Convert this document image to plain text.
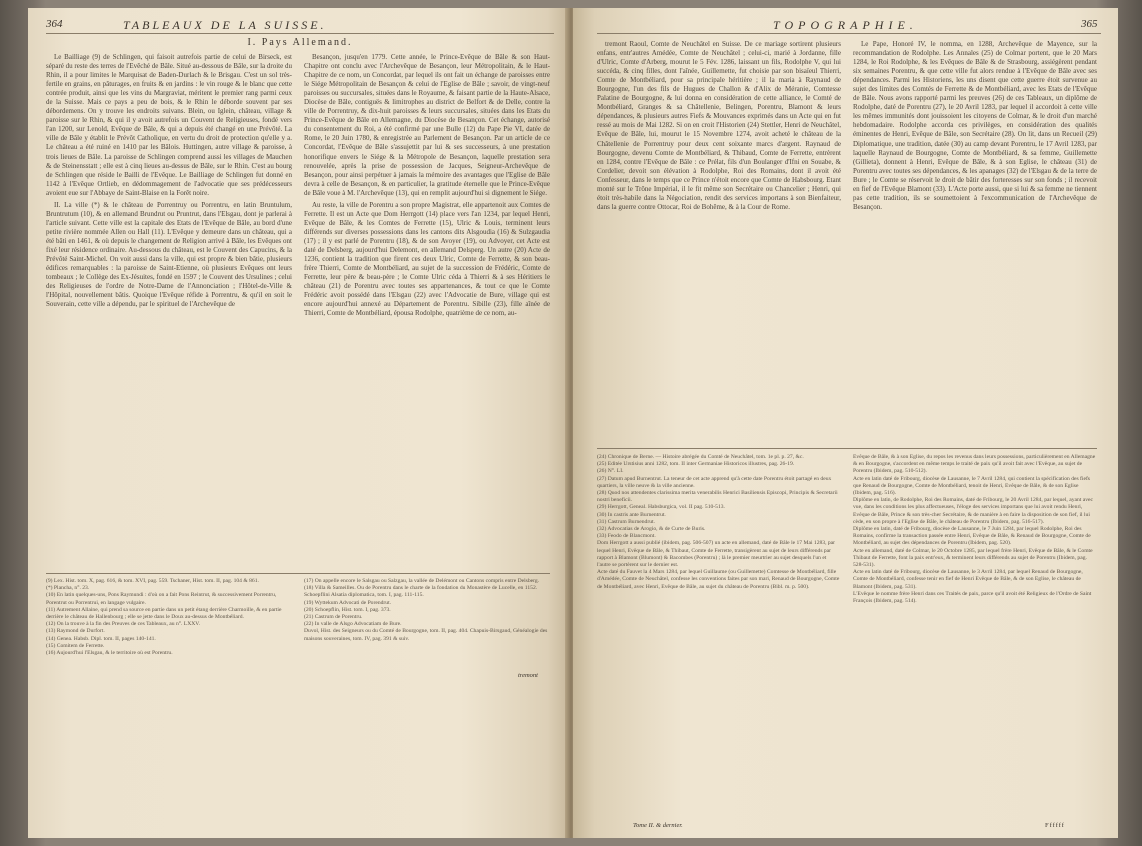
364	TABLEAUX DE LA SUISSE.
I. Pays Allemand.

Le Bailliage (9) de Schlingen, qui faisoit autrefois partie de celui de Birseck, est séparé du reste des terres de l'Evêché de Bâle. Situé au-dessous de Bâle, sur la droite du Rhin, il a pour limites le Marquisat de Baden-Durlach & le Brisgau. C'est un sol très-fertile en grains, en pâturages, en fruits & en jardins : le vin rouge & le blanc que cette contrée produit, ainsi que les vins du Margraviat, méritent le premier rang parmi ceux de la Suisse. Mais ce pays a peu de bois, & le Rhin le déborde souvent par ses débordemens. On y trouve les endroits suivans. Blein, ou Iglein, château, village & paroisse sur le Rhin, & qui il y avoit autrefois un Couvent de Religieuses, fondé vers l'an 1200, sur Lenold, Evêque de Bâle, & qui a depuis été changé en une Prévôté. La ville de Bâle y établit le Prévôt Catholique, en vertu du droit de protection qu'elle y a. Le château a été ruiné en 1410 par les Bâlois. Huttingen, autre village & paroisse, à trois lieues de Bâle. La paroisse de Schlingen comprend aussi les villages de Mauchen & de Steinensstatt ; elle est à cinq lieues au-dessus de Bâle, sur le Rhin. C'est au bourg de Schlingen que réside le Bailli de l'Evêque. Le Bailliage de Schlingen fut donné en 1142 à l'Evêque Ortlieb, en dédommagement de l'advocatie que ses prédécesseurs avoient eue sur l'Abbaye de Saint-Blaise en la Forêt noire.

II. La ville (*) & le château de Porrentruy ou Porrentru, en latin Bruntulum, Bruntrutum (10), & en allemand Brundrut ou Pruntrut, dans l'Elsgau, dont je parlerai à l'article suivant. Cette ville est la capitale des Etats de l'Evêque de Bâle, au bord d'une petite rivière nommée Allen ou Hall (11). L'Evêque y demeure dans un château, qui a été bâti en 1461, & où depuis le changement de Religion arrivé à Bâle, les Evêques ont fixé leur résidence ordinaire. Au-dessous du château, est le Couvent des Capucins, & la Prévôté Saint-Michel. On voit aussi dans la ville, qui est propre & bien bâtie, plusieurs édifices remarquables : la paroisse de Saint-Etienne, où plusieurs Evêques ont leurs tombeaux ; le Collège des Ex-Jésuites, fondé en 1597 ; le Couvent des Ursulines ; celui des Religieuses de l'ordre de Notre-Dame de l'Annonciation ; l'Hôtel-de-Ville & l'Hôpital, nouvellement bâtis. Quoique l'Evêque réfide à Porrentru, & qu'il en soit le Souverain, cette ville a dépendu, par le spirituel de l'Archevêque de

Besançon, jusqu'en 1779. Cette année, le Prince-Evêque de Bâle & son Haut-Chapitre ont conclu avec l'Archevêque de Besançon, leur Métropolitain, & le Haut-Chapitre de ce nom, un Concordat, par lequel ils ont fait un échange de paroisses entre le Siége Métropolitain de Besançon & celui de l'Eglise de Bâle ; savoir, de vingt-neuf paroisses ou succursales, situées dans le Royaume, & faisant partie de la Haute-Alsace, Diocèse de Bâle, contiguës & limitrophes au district de Belfort & de Delle, contre la ville de Porrentruy, & dix-huit paroisses & leurs succursales, situées dans les Etats du Prince-Evêque de Bâle en Allemagne, du Diocèse de Besançon. Cet échange, autorisé du consentement du Roi, a été confirmé par une Bulle (12) du Pape Pie VI, datée de Rome, le 20 Juin 1780, & enregistrée au Parlement de Besançon. Par un article de ce Concordat, l'Evêque de Bâle s'assujettit par lui & ses successeurs, à une prestation honorifique envers le Siége & la Métropole de Besançon, laquelle prestation sera renouvelée, après la prise de possession de Jacques, Seigneur-Archevêque de Besançon, pour ainsi perpétuer à jamais la mémoire des avantages que l'Eglise de Bâle devra à celle de Besançon, & en particulier, la gratitude éternelle que le Prince-Evêque de Bâle voue à M. l'Archevêque (13), qui en remplit aujourd'hui si dignement le Siége.

Au reste, la ville de Porentru a son propre Magistrat, elle appartenoit aux Comtes de Ferrette. Il est un Acte que Dom Herrgott (14) place vers l'an 1234, par lequel Henri, Evêque de Bâle, & les Comtes de Ferrette (15), Ulric & Louis, terminent leurs différends sur diverses possessions dans les cantons dits Alsgoudia (16) & Sulzgaudia (17) ; il y est parlé de Porentru (18), & de son Avoyer (19), ou Advoyer, cet Acte est daté de Delsberg, aujourd'hui Delemont, en allemand Delsperg. Un autre (20) Acte de 1236, contient la tradition que firent ces deux Ulric, Comte de Ferrette, & son beau-frère Thierri, Comte de Montbéliard, au sujet de la succession de Frédéric, Comte de Ferrette, leur père & beau-père ; le Comte Ulric céda à Thierri & à ses Héritiers le château (21) de Porentru avec toutes ses appartenances, & tout ce que le Comte Frédéric avoit possédé dans l'Elsgau (22) avec l'Advocatie de Bure, village qui est encore aujourd'hui annexé au Département de Porentru. Sibille (23), fille aînée de Thierri, Comte de Montbéliard, épousa Rodolphe, quatrième de ce nom, au-

(9) Lex. Hist. tom. X, pag. 616, & tom. XVI, pag. 559. Tschaner, Hist. tom. II, pag. 104 & 861.

(*) Plancha, n°. 23.

(10) En latin quelques-uns, Pons Raymundi : d'où on a fait Pons Reintrut, & successivement Porrentru, Porentrut ou Porrentrui, en langage vulgaire.

(11) Autrement Allaine, qui prend sa source en partie dans un petit étang derrière Charmoille, & en partie derrière le château de Hallenbourg ; elle se jette dans le Doux au-dessus de Montbéliard.

(12) On la trouve à la fin des Preuves de ces Tableaux, au n°. LXXV.

(13) Raymond de Durfort.

(14) Genea. Habsb. Dipl. tom. II, pages 140-141.

(15) Comitem de Ferrette.

(16) Aujourd'hui l'Elsgau, & le territoire où est Porentru.

(17) On appelle encore le Salsgau ou Salzgau, la vallée de Delémont ou Cantons compris entre Delsberg.

(18) Villa & Sameilles. Ou de Porentru dans le charte de la fondation du Monastère de Lucelle, en 1152.

Schoepflini Alsatia diplomatica, tom. I, pag. 111-115.

(19) Wyttekum Advocati de Porendrut.

(20) Schoepflin, Hist. tom. I, pag. 373.

(21) Castrum de Porentru.

(22) In valle de Alsgo Advocatiam de Bure.

Duvol, Hist. des Seigneurs ou du Comté de Bourgogne, tom. II, pag. 404. Chapuis-Birsgaud, Généalogie des maisons souveraines, tom. IV, pag. 391 & suiv.

tremont
TOPOGRAPHIE.	365

tremont Raoul, Comte de Neuchâtel en Suisse. De ce mariage sortirent plusieurs enfans, entr'autres Amédée, Comte de Neuchâtel ; celui-ci, marié à Jordanne, fille d'Ulric, Comte d'Arberg, mourut le 5 Fév. 1286, laissant un fils, Rodolphe V, qui lui succéda, & cinq filles, dont l'aînée, Guillemette, fut choisie par son bisaïeul Thierri, Comte de Montbéliard, pour sa principale héritière ; il la maria à Raynaud de Bourgogne, l'un des fils de Hugues de Challon & d'Alix de Méranie, Comtesse Palatine de Bourgogne, & lui donna en considération de cette alliance, le Comté de Montbéliard, Granges & sa Châtellenie, Belingen, Porentru, Blamont & leurs dépendances, & plusieurs autres Fiefs & Mouvances exprimés dans un Acte qui en fut ressé au mois de Mai 1282. Si on en croit l'Historien (24) Stettler, Henri de Neuchâtel, Evêque de Bâle, lui, mourut le 15 Novembre 1274, avoit acheté le château de la Châtellenie de Porrentruy pour deux cent soixante marcs d'argent. Raynaud de Bourgogne, devenu Comte de Montbéliard, & Thibaud, Comte de Ferrette, entrèrent en 1284, contre l'Evêque de Bâle : ce Prélat, fils d'un Boulanger d'Ifni en Souabe, & Cordelier, devoit son élévation à Rodolphe, Roi des Romains, dont il avoit été Confesseur, dans le temps que ce Prince n'étoit encore que Comte de Habsbourg. Etant monté sur le Trône Impérial, il le fit même son Secrétaire ou Chancelier ; Henri, qui étoit très-habile dans la Négociation, rendit des services importans à son Bienfaiteur, dans la guerre contre Ottocar, Roi de Bohême, & à la Cour de Rome.

Le Pape, Honoré IV, le nomma, en 1288, Archevêque de Mayence, sur la recommandation de Rodolphe. Les Annales (25) de Colmar portent, que le 20 Mars 1284, le Roi Rodolphe, & les Evêques de Bâle & de Strasbourg, assiégèrent pendant six semaines Porentru, & que cette ville fut alors rendue à l'Evêque de Bâle avec ses dépendances. Parmi les Historiens, les uns disent que cette guerre étoit survenue au sujet des limites des Comtés de Ferrette & de Montbéliard, avec les Etats de l'Evêque de Bâle. Nous avons rapporté parmi les preuves (26) de ces Tableaux, un diplôme de Rodolphe, daté de Porentru (27), le 20 Avril 1283, par lequel il accordoit à cette ville les mêmes immunités dont jouissoient les citoyens de Colmar, & le droit d'un marché hebdomadaire. Rodolphe accorda ces privilèges, en considération des qualités éminentes de Henri, Evêque de Bâle, son Secrétaire (28). On lit, dans un Recueil (29) Diplomatique, une tradition, datée (30) au camp devant Porentru, le 17 Avril 1283, par laquelle Raynaud de Bourgogne, Comte de Montbéliard, & sa femme, Guillemette (Gillieta), donnent à Henri, Evêque de Bâle, & à son Eglise, le château (31) de Porentru avec toutes ses dépendances, & les apanages (32) de l'Elsgau & de la terre de Bure ; le Comte se réservoit le droit de bâtir des forteresses sur son fonds ; il recevoit en fief de l'Evêque Blamont (33). L'Acte porte aussi, que si lui & sa femme ne tiennent pas cette tradition, ils se soumettoient à l'excommunication de l'Archevêque de Besançon.

(24) Chronique de Berne. — Histoire abrégée du Comté de Neuchâtel, tom. 1e pl. p. 27, &c.

(25) Editée Urstisius anni 1282, tom. II inter Germaniae Historicos illustres, pag. 26-19.

(26) N°. LI.

(27) Datum apud Burnentrut. La teneur de cet acte apprend qu'à cette date Porentru étoit partagé en deux quartiers, la ville neuve & la ville ancienne.

(28) Quod nos attendentes clarissima merita venerabilis Henrici Basiliensis Episcopi, Principis & Secretarii nostri beneficii.

(29) Herrgott, Geneal. Habsburgica, vol. II pag. 510-513.

(30) In castris ante Burnentrut.

(31) Castrum Burnendrut.

(32) Advocatias de Arogio, & de Curte de Buris.

(33) Feodo de Blancmont.

Dom Herrgott a aussi publié (ibidem, pag. 506-507) un acte en allemand, daté de Bâle le 17 Mai 1283, par lequel Henri, Evêque de Bâle, & Thibaut, Comte de Ferrette, transigèrent au sujet de leurs différends par rapport à Blamont (Blumont) & Bacombes (Porentru) ; là le premier meurtrier au sujet desquels l'un et l'autre se portèrent sur le dernier est.

Acte daté du Fauvet la 4 Mars 1284, par lequel Guillaume (ou Guillemette) Comtesse de Montbéliard, fille d'Amédée, Comte de Neuchâtel, confesse les conventions faites par son mari, Renaud de Bourgogne, Comte de Montbéliard, avec Henri, Evêque de Bâle, au sujet du château de Porentru (Bibl. m. p. 500).

Evêque de Bâle, & à son Eglise, du repos les revenus dans leurs possessions, particulièrement en Allemagne & en Bourgogne, s'accordent en même temps le traité de paix qu'il avoit fait avec l'Evêque, au sujet de Porentru (Ibidem, pag. 510-512).

Acte en latin daté de Fribourg, diocèse de Lausanne, le 7 Avril 1284, qui contient la spécification des fiefs que Renaud de Bourgogne, Comte de Montbéliard, tenoit de Henri, Evêque de Bâle, & de son Eglise (Ibidem, pag. 516).

Diplôme en latin, de Rodolphe, Roi des Romains, daté de Fribourg, le 20 Avril 1284, par lequel, ayant avec vue, dans les conditions les plus affectueuses, l'éloge des services importans que lui avoit rendu Henri, Evêque de Bâle, Prince & son très-cher Secrétaire, & de manière à en faire la disposition de son fief, il lui cède, en son propre à l'Eglise de Bâle, le château de Porentru (Ibidem, pag. 516-517).

Diplôme en latin, daté de Fribourg, diocèse de Lausanne, le 7 Juin 1284, par lequel Rodolphe, Roi des Romains, confirme la transaction passée entre Henri, Evêque de Bâle, & Renaud de Bourgogne, Comte de Montbéliard, au sujet des dépendances de Porentru (Ibidem, pag. 520).

Acte en allemand, daté de Colmar, le 20 Octobre 1285, par lequel frère Henri, Evêque de Bâle, & le Comte Thibaut de Ferrette, font la paix entr'eux, & terminent leurs différends au sujet de Porentru (Ibidem, pag. 528-531).

Acte en latin daté de Fribourg, diocèse de Lausanne, le 3 Avril 1284, par lequel Renaud de Bourgogne, Comte de Montbéliard, confesse tenir en fief de Henri Evêque de Bâle, & de son Eglise, le château de Blamont (Ibidem, pag. 531).

L'Evêque le nomme frère Henri dans ces Traités de paix, parce qu'il avoit été Religieux de l'Ordre de Saint François (Ibidem, pag. 514).

Tome II. & dernier.	Ffffff
